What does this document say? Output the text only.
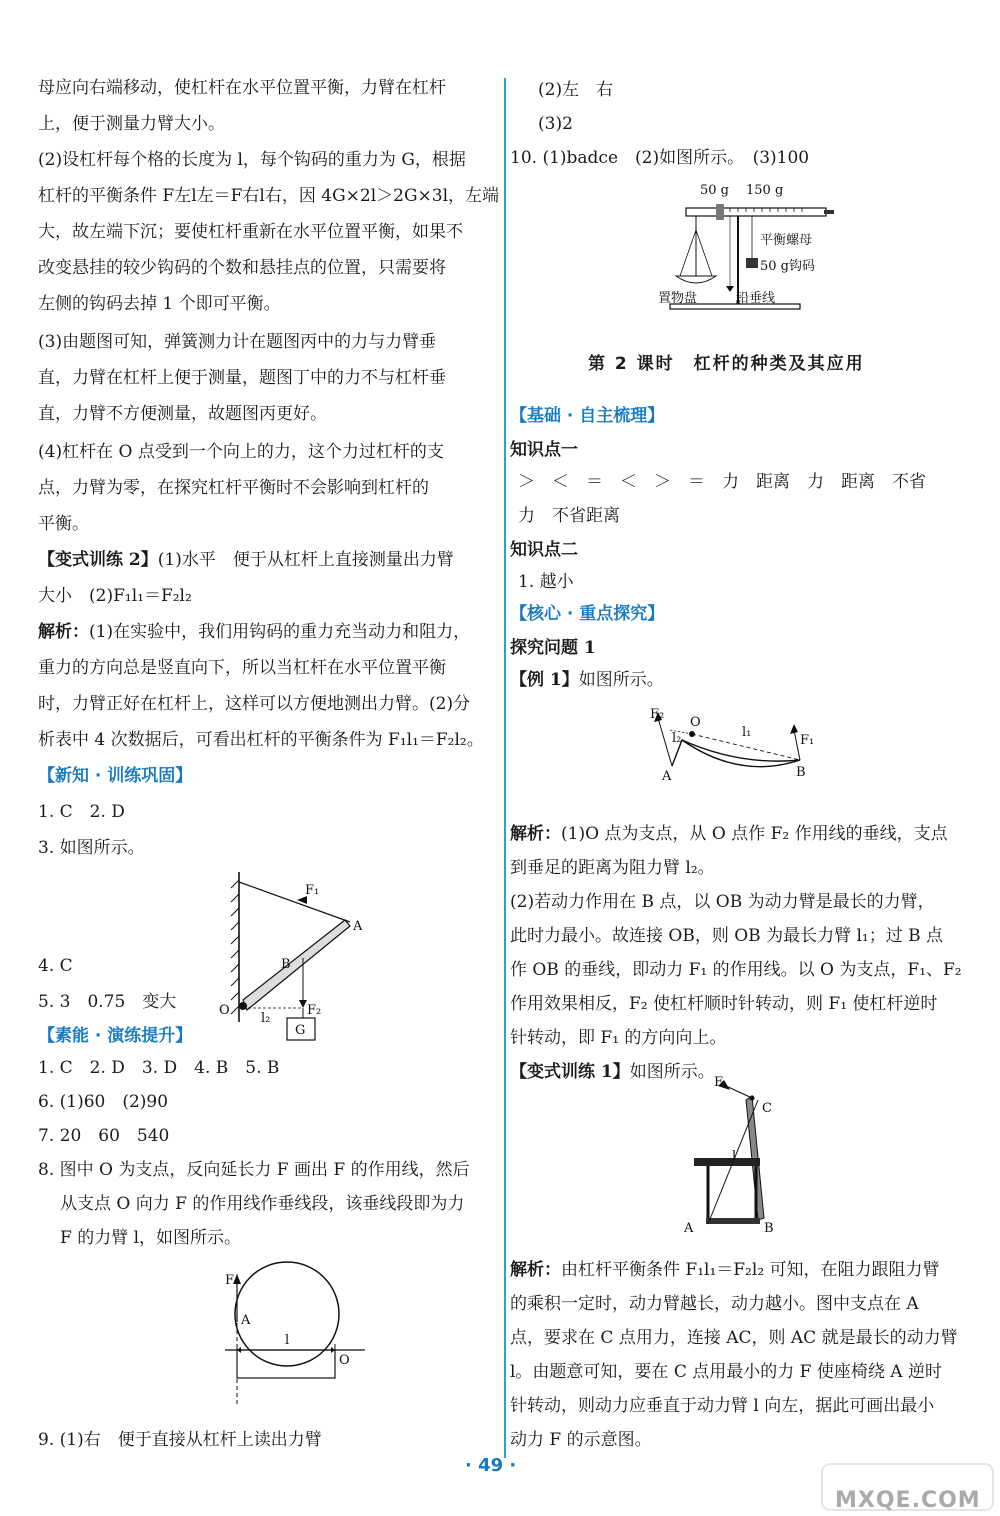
母应向右端移动，使杠杆在水平位置平衡，力臂在杠杆
上，便于测量力臂大小。
(2)设杠杆每个格的长度为 l，每个钩码的重力为 G，根据
杠杆的平衡条件 F左l左＝F右l右，因 4G×2l＞2G×3l，左端
大，故左端下沉；要使杠杆重新在水平位置平衡，如果不
改变悬挂的较少钩码的个数和悬挂点的位置，只需要将
左侧的钩码去掉 1 个即可平衡。
(3)由题图可知，弹簧测力计在题图丙中的力与力臂垂
直，力臂在杠杆上便于测量，题图丁中的力不与杠杆垂
直，力臂不方便测量，故题图丙更好。
(4)杠杆在 O 点受到一个向上的力，这个力过杠杆的支
点，力臂为零，在探究杠杆平衡时不会影响到杠杆的
平衡。
【变式训练 2】(1)水平　便于从杠杆上直接测量出力臂
大小　(2)F₁l₁＝F₂l₂
解析：(1)在实验中，我们用钩码的重力充当动力和阻力，
重力的方向总是竖直向下，所以当杠杆在水平位置平衡
时，力臂正好在杠杆上，这样可以方便地测出力臂。(2)分
析表中 4 次数据后，可看出杠杆的平衡条件为 F₁l₁＝F₂l₂。
【新知 · 训练巩固】
1. C　2. D
3. 如图所示。
F₁
B
A
O
l₂
F₂
G
4. C
5. 3　0.75　变大
【素能 · 演练提升】
1. C　2. D　3. D　4. B　5. B
6. (1)60　(2)90
7. 20　60　540
8. 图中 O 为支点，反向延长力 F 画出 F 的作用线，然后
从支点 O 向力 F 的作用线作垂线段，该垂线段即为力
F 的力臂 l，如图所示。
F
A
l
O
9. (1)右　便于直接从杠杆上读出力臂
(2)左　右
(3)2
10. (1)badce　(2)如图所示。　(3)100
50 g 150 g
平衡螺母
50 g钩码
置物盘	铅垂线
第 2 课时　杠杆的种类及其应用
【基础 · 自主梳理】
知识点一
＞　＜　＝　＜　＞　＝　力　距离　力　距离　不省
力　不省距离
知识点二
1. 越小
【核心 · 重点探究】
探究问题 1
【例 1】如图所示。
F₂
O
l₂	l₁
F₁
A	B
解析：(1)O 点为支点，从 O 点作 F₂ 作用线的垂线，支点
到垂足的距离为阻力臂 l₂。
(2)若动力作用在 B 点，以 OB 为动力臂是最长的力臂，
此时力最小。故连接 OB，则 OB 为最长力臂 l₁；过 B 点
作 OB 的垂线，即动力 F₁ 的作用线。以 O 为支点，F₁、F₂
作用效果相反，F₂ 使杠杆顺时针转动，则 F₁ 使杠杆逆时
针转动，即 F₁ 的方向向上。
【变式训练 1】如图所示。
F
C
l
A	B
解析：由杠杆平衡条件 F₁l₁＝F₂l₂ 可知，在阻力跟阻力臂
的乘积一定时，动力臂越长，动力越小。图中支点在 A
点，要求在 C 点用力，连接 AC，则 AC 就是最长的动力臂
l。由题意可知，要在 C 点用最小的力 F 使座椅绕 A 逆时
针转动，则动力应垂直于动力臂 l 向左，据此可画出最小
动力 F 的示意图。
· 49 ·
MXQE.COM
